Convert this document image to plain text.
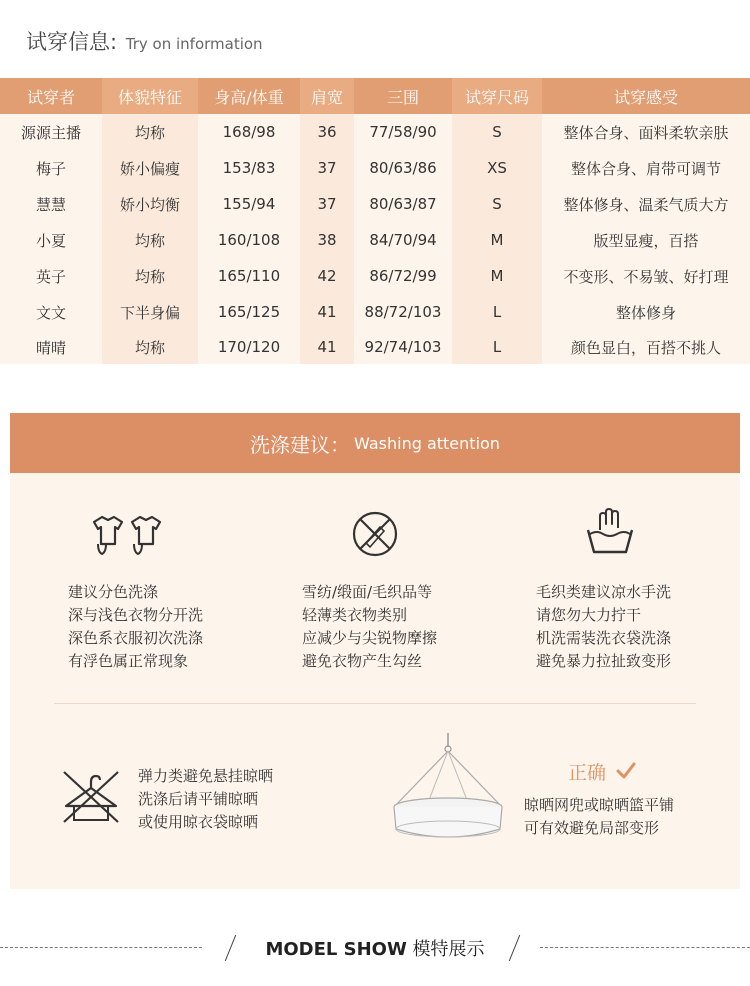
试穿信息: Try on information
试穿者	体貌特征	身高/体重	肩宽	三围	试穿尺码	试穿感受
源源主播	均称	168/98	36	77/58/90	S	整体合身、面料柔软亲肤
梅子	娇小偏瘦	153/83	37	80/63/86	XS	整体合身、肩带可调节
慧慧	娇小均衡	155/94	37	80/63/87	S	整体修身、温柔气质大方
小夏	均称	160/108	38	84/70/94	M	版型显瘦，百搭
英子	均称	165/110	42	86/72/99	M	不变形、不易皱、好打理
文文	下半身偏	165/125	41	88/72/103	L	整体修身
晴晴	均称	170/120	41	92/74/103	L	颜色显白，百搭不挑人
洗涤建议： Washing attention
建议分色洗涤
深与浅色衣物分开洗
深色系衣服初次洗涤
有浮色属正常现象
雪纺/缎面/毛织品等
轻薄类衣物类别
应减少与尖锐物摩擦
避免衣物产生勾丝
毛织类建议凉水手洗
请您勿大力拧干
机洗需装洗衣袋洗涤
避免暴力拉扯致变形
弹力类避免悬挂晾晒
洗涤后请平铺晾晒
或使用晾衣袋晾晒
正确
晾晒网兜或晾晒篮平铺
可有效避免局部变形
MODEL SHOW 模特展示
